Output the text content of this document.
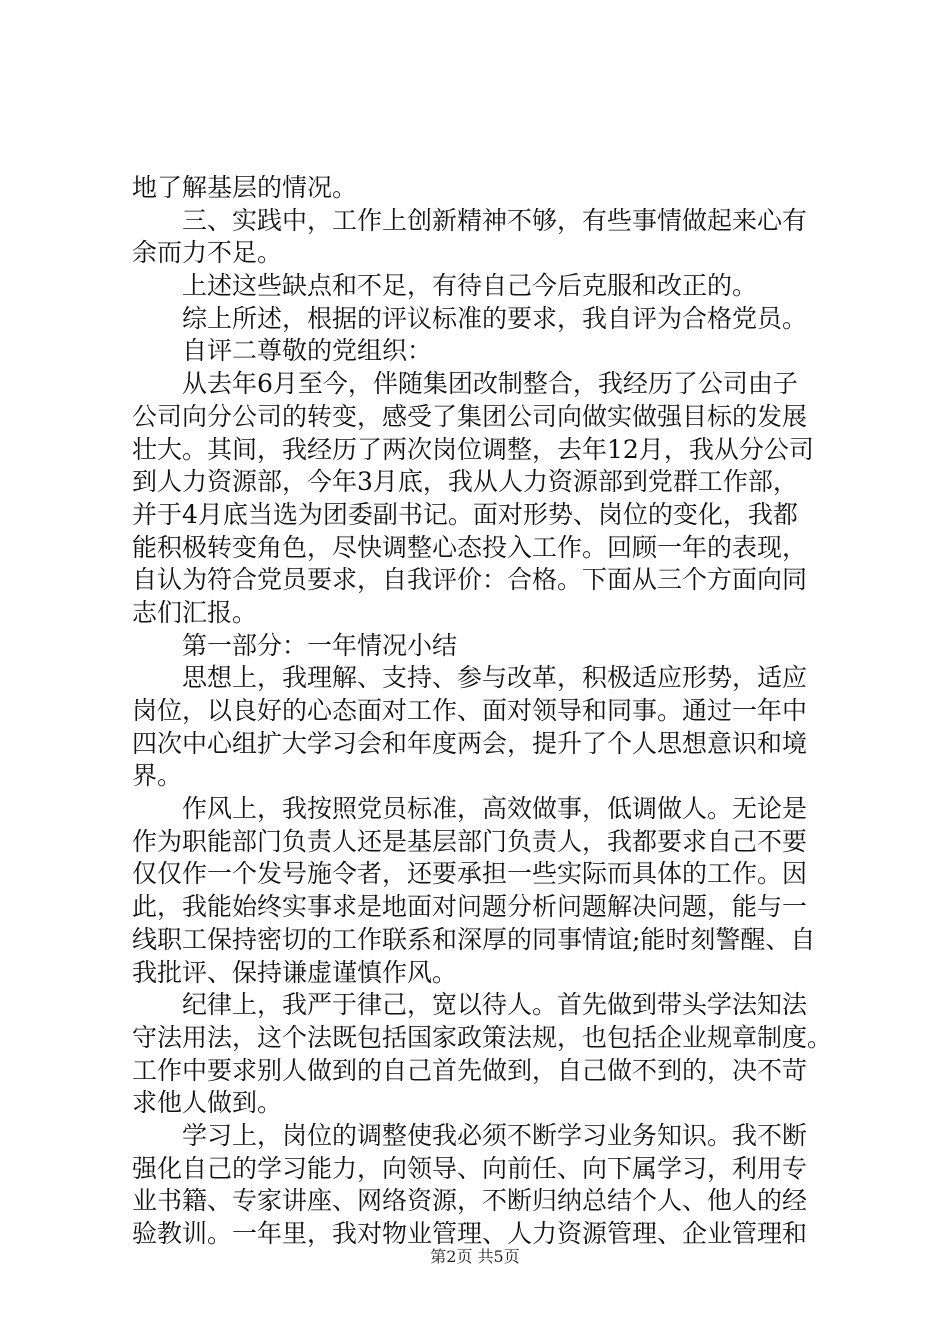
地了解基层的情况。
三、实践中，工作上创新精神不够，有些事情做起来心有
余而力不足。
上述这些缺点和不足，有待自己今后克服和改正的。
综上所述，根据的评议标准的要求，我自评为合格党员。
自评二尊敬的党组织：
从去年6月至今，伴随集团改制整合，我经历了公司由子
公司向分公司的转变，感受了集团公司向做实做强目标的发展
壮大。其间，我经历了两次岗位调整，去年12月，我从分公司
到人力资源部，今年3月底，我从人力资源部到党群工作部，
并于4月底当选为团委副书记。面对形势、岗位的变化，我都
能积极转变角色，尽快调整心态投入工作。回顾一年的表现，
自认为符合党员要求，自我评价：合格。下面从三个方面向同
志们汇报。
第一部分：一年情况小结
思想上，我理解、支持、参与改革，积极适应形势，适应
岗位，以良好的心态面对工作、面对领导和同事。通过一年中
四次中心组扩大学习会和年度两会，提升了个人思想意识和境
界。
作风上，我按照党员标准，高效做事，低调做人。无论是
作为职能部门负责人还是基层部门负责人，我都要求自己不要
仅仅作一个发号施令者，还要承担一些实际而具体的工作。因
此，我能始终实事求是地面对问题分析问题解决问题，能与一
线职工保持密切的工作联系和深厚的同事情谊;能时刻警醒、自
我批评、保持谦虚谨慎作风。
纪律上，我严于律己，宽以待人。首先做到带头学法知法
守法用法，这个法既包括国家政策法规，也包括企业规章制度。
工作中要求别人做到的自己首先做到，自己做不到的，决不苛
求他人做到。
学习上，岗位的调整使我必须不断学习业务知识。我不断
强化自己的学习能力，向领导、向前任、向下属学习，利用专
业书籍、专家讲座、网络资源，不断归纳总结个人、他人的经
验教训。一年里，我对物业管理、人力资源管理、企业管理和
第2页 共5页
